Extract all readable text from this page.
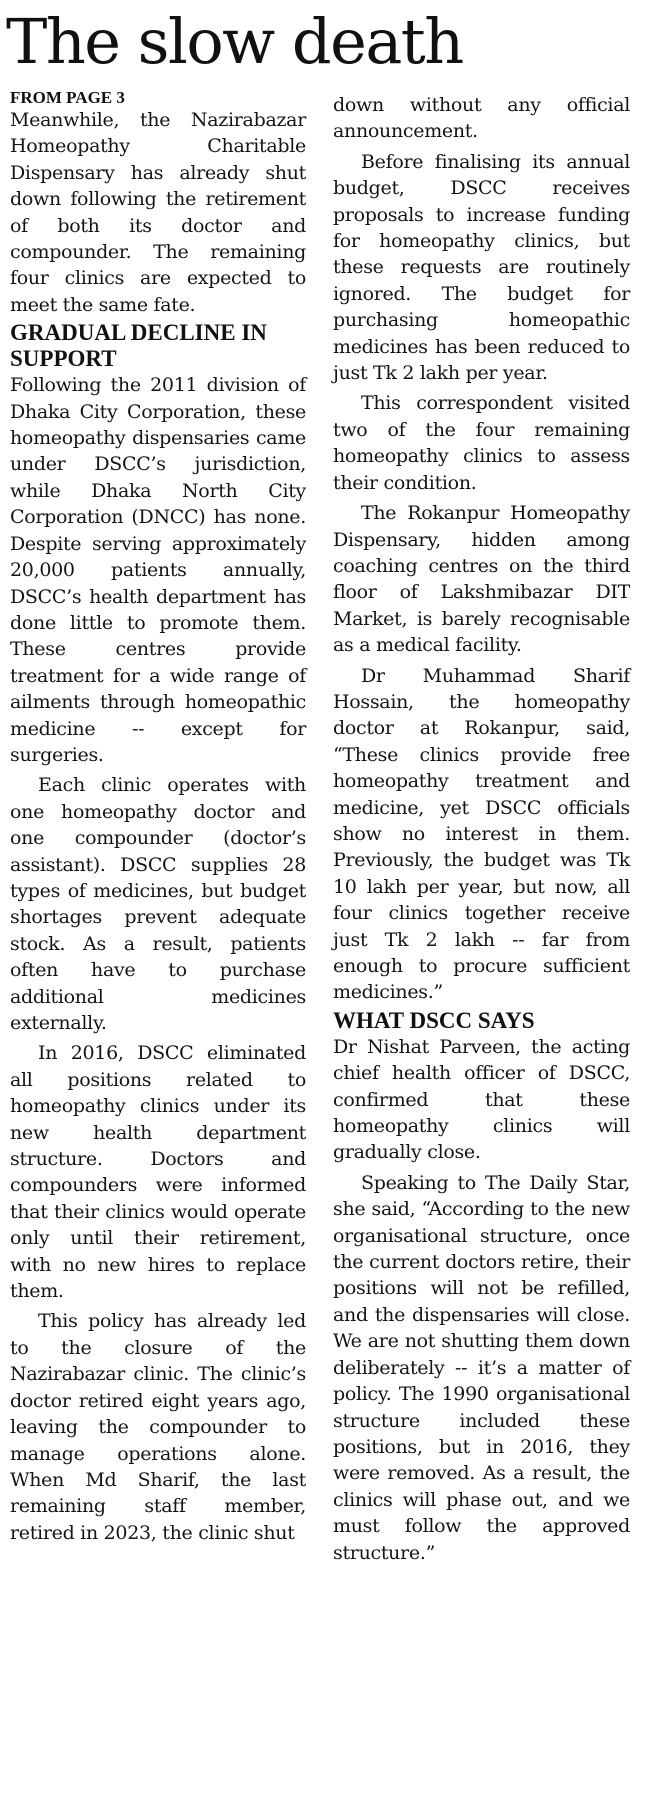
The slow death
FROM PAGE 3

Meanwhile, the Nazirabazar Homeopathy Charitable Dispensary has already shut down following the retirement of both its doctor and compounder. The remaining four clinics are expected to meet the same fate.

GRADUAL DECLINE IN SUPPORT

Following the 2011 division of Dhaka City Corporation, these homeopathy dispensaries came under DSCC’s jurisdiction, while Dhaka North City Corporation (DNCC) has none. Despite serving approximately 20,000 patients annually, DSCC’s health department has done little to promote them. These centres provide treatment for a wide range of ailments through homeopathic medicine -- except for surgeries.

Each clinic operates with one homeopathy doctor and one compounder (doctor’s assistant). DSCC supplies 28 types of medicines, but budget shortages prevent adequate stock. As a result, patients often have to purchase additional medicines externally.

In 2016, DSCC eliminated all positions related to homeopathy clinics under its new health department structure. Doctors and compounders were informed that their clinics would operate only until their retirement, with no new hires to replace them.

This policy has already led to the closure of the Nazirabazar clinic. The clinic’s doctor retired eight years ago, leaving the compounder to manage operations alone. When Md Sharif, the last remaining staff member, retired in 2023, the clinic shut

down without any official announcement.

Before finalising its annual budget, DSCC receives proposals to increase funding for homeopathy clinics, but these requests are routinely ignored. The budget for purchasing homeopathic medicines has been reduced to just Tk 2 lakh per year.

This correspondent visited two of the four remaining homeopathy clinics to assess their condition.

The Rokanpur Homeopathy Dispensary, hidden among coaching centres on the third floor of Lakshmibazar DIT Market, is barely recognisable as a medical facility.

Dr Muhammad Sharif Hossain, the homeopathy doctor at Rokanpur, said, “These clinics provide free homeopathy treatment and medicine, yet DSCC officials show no interest in them. Previously, the budget was Tk 10 lakh per year, but now, all four clinics together receive just Tk 2 lakh -- far from enough to procure sufficient medicines.”

WHAT DSCC SAYS

Dr Nishat Parveen, the acting chief health officer of DSCC, confirmed that these homeopathy clinics will gradually close.

Speaking to The Daily Star, she said, “According to the new organisational structure, once the current doctors retire, their positions will not be refilled, and the dispensaries will close. We are not shutting them down deliberately -- it’s a matter of policy. The 1990 organisational structure included these positions, but in 2016, they were removed. As a result, the clinics will phase out, and we must follow the approved structure.”
